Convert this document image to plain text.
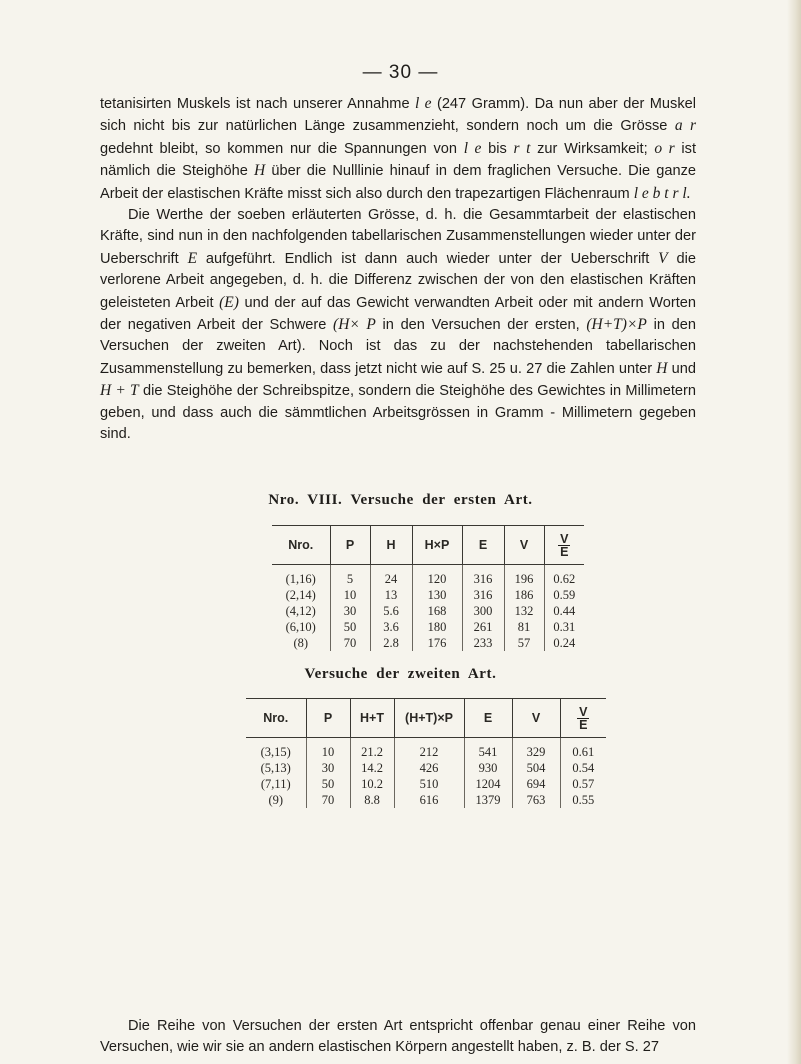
— 30 —

tetanisirten Muskels ist nach unserer Annahme l e (247 Gramm). Da nun aber der Muskel sich nicht bis zur natürlichen Länge zusammenzieht, sondern noch um die Grösse a r gedehnt bleibt, so kommen nur die Spannungen von l e bis r t zur Wirksamkeit; o r ist nämlich die Steighöhe H über die Nulllinie hinauf in dem fraglichen Versuche. Die ganze Arbeit der elastischen Kräfte misst sich also durch den trapezartigen Flächenraum l e b t r l.

Die Werthe der soeben erläuterten Grösse, d. h. die Gesammtarbeit der elastischen Kräfte, sind nun in den nachfolgenden tabellarischen Zusammenstellungen wieder unter der Ueberschrift E aufgeführt. Endlich ist dann auch wieder unter der Ueberschrift V die verlorene Arbeit angegeben, d. h. die Differenz zwischen der von den elastischen Kräften geleisteten Arbeit (E) und der auf das Gewicht verwandten Arbeit oder mit andern Worten der negativen Arbeit der Schwere (H× P in den Versuchen der ersten, (H+T)×P in den Versuchen der zweiten Art). Noch ist das zu der nachstehenden tabellarischen Zusammenstellung zu bemerken, dass jetzt nicht wie auf S. 25 u. 27 die Zahlen unter H und H + T die Steighöhe der Schreibspitze, sondern die Steighöhe des Gewichtes in Millimetern geben, und dass auch die sämmtlichen Arbeitsgrössen in Gramm - Millimetern gegeben sind.

Nro. VIII. Versuche der ersten Art.
Nro.	P	H	H×P	E	V	$\frac{V}{E}$

(1,16)	5	24	120	316	196	0.62
(2,14)	10	13	130	316	186	0.59
(4,12)	30	5.6	168	300	132	0.44
(6,10)	50	3.6	180	261	81	0.31
(8)	70	2.8	176	233	57	0.24
Versuche der zweiten Art.
Nro.	P	H+T	(H+T)×P	E	V	$\frac{V}{E}$

(3,15)	10	21.2	212	541	329	0.61
(5,13)	30	14.2	426	930	504	0.54
(7,11)	50	10.2	510	1204	694	0.57
(9)	70	8.8	616	1379	763	0.55

Die Reihe von Versuchen der ersten Art entspricht offenbar genau einer Reihe von Versuchen, wie wir sie an andern elastischen Körpern angestellt haben, z. B. der S. 27
